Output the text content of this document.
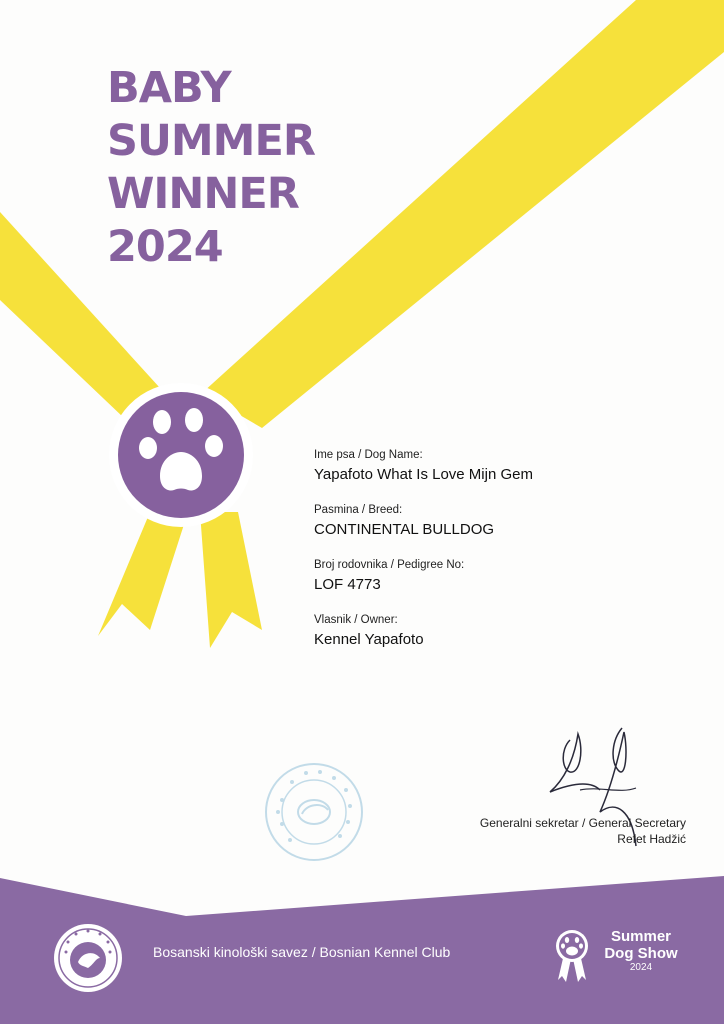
BABY
SUMMER
WINNER
2024
Ime psa / Dog Name:
Yapafoto What Is Love Mijn Gem
Pasmina / Breed:
CONTINENTAL BULLDOG
Broj rodovnika / Pedigree No:
LOF 4773
Vlasnik / Owner:
Kennel Yapafoto
Generalni sekretar / General Secretary
Refet Hadžić
Bosanski kinološki savez / Bosnian Kennel Club
Summer
Dog Show
2024
